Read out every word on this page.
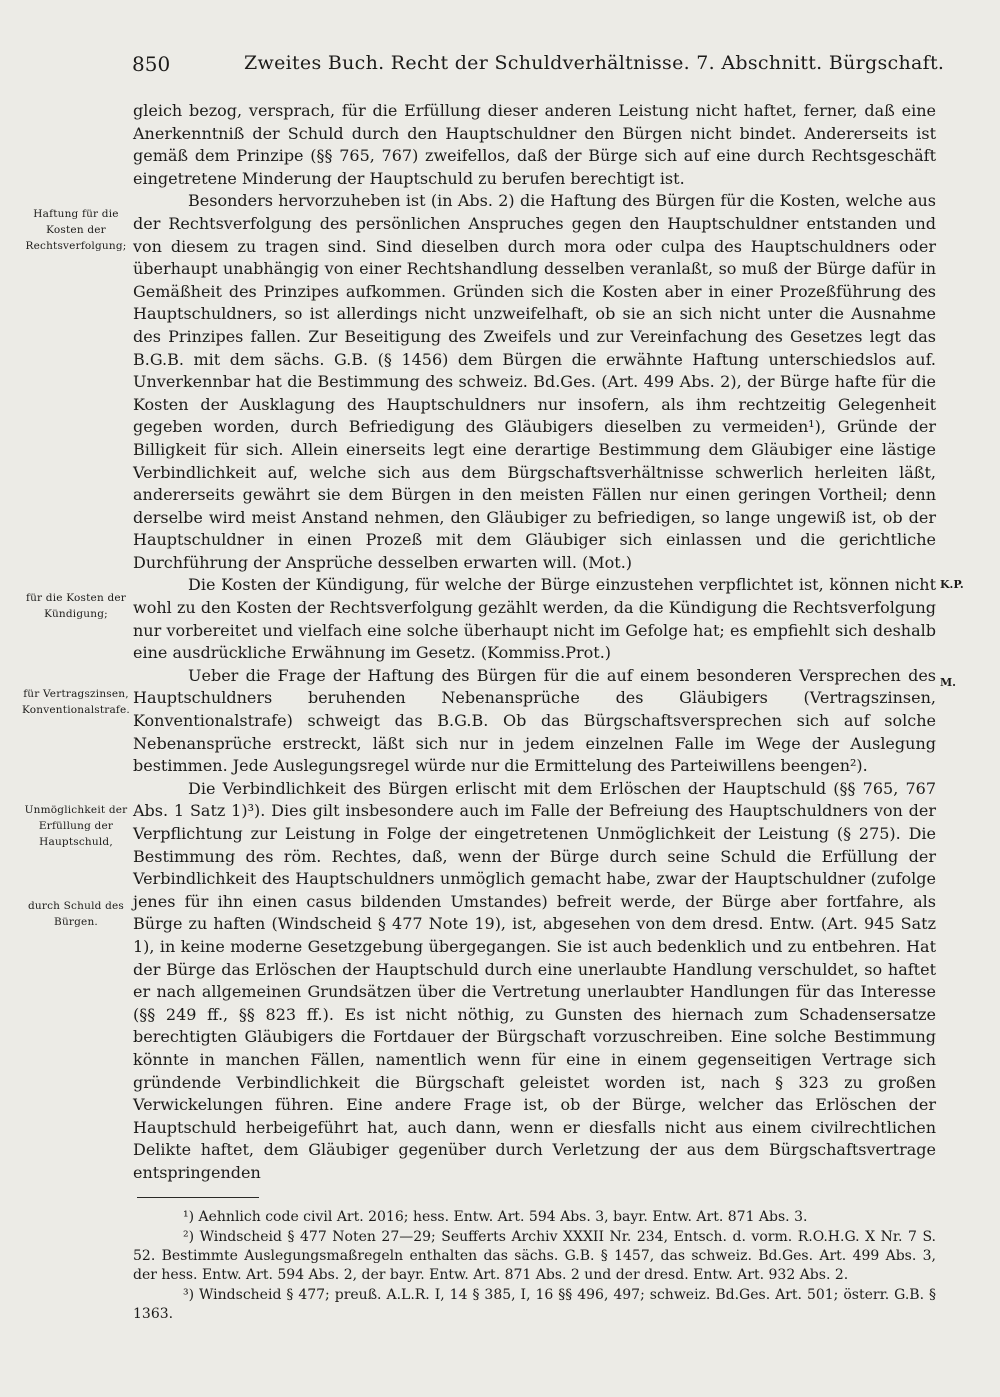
850	Zweites Buch. Recht der Schuldverhältnisse. 7. Abschnitt. Bürgschaft.

gleich bezog, versprach, für die Erfüllung dieser anderen Leistung nicht haftet, ferner, daß eine Anerkenntniß der Schuld durch den Hauptschuldner den Bürgen nicht bindet. Andererseits ist gemäß dem Prinzipe (§§ 765, 767) zweifellos, daß der Bürge sich auf eine durch Rechtsgeschäft eingetretene Minderung der Hauptschuld zu berufen berechtigt ist.

Besonders hervorzuheben ist (in Abs. 2) die Haftung des Bürgen für die Kosten, welche aus der Rechtsverfolgung des persönlichen Anspruches gegen den Hauptschuldner entstanden und von diesem zu tragen sind. Sind dieselben durch mora oder culpa des Hauptschuldners oder überhaupt unabhängig von einer Rechtshandlung desselben veranlaßt, so muß der Bürge dafür in Gemäßheit des Prinzipes aufkommen. Gründen sich die Kosten aber in einer Prozeßführung des Hauptschuldners, so ist allerdings nicht unzweifelhaft, ob sie an sich nicht unter die Ausnahme des Prinzipes fallen. Zur Beseitigung des Zweifels und zur Vereinfachung des Gesetzes legt das B.G.B. mit dem sächs. G.B. (§ 1456) dem Bürgen die erwähnte Haftung unterschiedslos auf. Unverkennbar hat die Bestimmung des schweiz. Bd.Ges. (Art. 499 Abs. 2), der Bürge hafte für die Kosten der Ausklagung des Hauptschuldners nur insofern, als ihm rechtzeitig Gelegenheit gegeben worden, durch Befriedigung des Gläubigers dieselben zu vermeiden¹), Gründe der Billigkeit für sich. Allein einerseits legt eine derartige Bestimmung dem Gläubiger eine lästige Verbindlichkeit auf, welche sich aus dem Bürgschaftsverhältnisse schwerlich herleiten läßt, andererseits gewährt sie dem Bürgen in den meisten Fällen nur einen geringen Vortheil; denn derselbe wird meist Anstand nehmen, den Gläubiger zu befriedigen, so lange ungewiß ist, ob der Hauptschuldner in einen Prozeß mit dem Gläubiger sich einlassen und die gerichtliche Durchführung der Ansprüche desselben erwarten will. (Mot.)

Die Kosten der Kündigung, für welche der Bürge einzustehen verpflichtet ist, können nicht wohl zu den Kosten der Rechtsverfolgung gezählt werden, da die Kündigung die Rechtsverfolgung nur vorbereitet und vielfach eine solche überhaupt nicht im Gefolge hat; es empfiehlt sich deshalb eine ausdrückliche Erwähnung im Gesetz. (Kommiss.Prot.)

Ueber die Frage der Haftung des Bürgen für die auf einem besonderen Versprechen des Hauptschuldners beruhenden Nebenansprüche des Gläubigers (Vertragszinsen, Konventionalstrafe) schweigt das B.G.B. Ob das Bürgschaftsversprechen sich auf solche Nebenansprüche erstreckt, läßt sich nur in jedem einzelnen Falle im Wege der Auslegung bestimmen. Jede Auslegungsregel würde nur die Ermittelung des Parteiwillens beengen²).

Die Verbindlichkeit des Bürgen erlischt mit dem Erlöschen der Hauptschuld (§§ 765, 767 Abs. 1 Satz 1)³). Dies gilt insbesondere auch im Falle der Befreiung des Hauptschuldners von der Verpflichtung zur Leistung in Folge der eingetretenen Unmöglichkeit der Leistung (§ 275). Die Bestimmung des röm. Rechtes, daß, wenn der Bürge durch seine Schuld die Erfüllung der Verbindlichkeit des Hauptschuldners unmöglich gemacht habe, zwar der Hauptschuldner (zufolge jenes für ihn einen casus bildenden Umstandes) befreit werde, der Bürge aber fortfahre, als Bürge zu haften (Windscheid § 477 Note 19), ist, abgesehen von dem dresd. Entw. (Art. 945 Satz 1), in keine moderne Gesetzgebung übergegangen. Sie ist auch bedenklich und zu entbehren. Hat der Bürge das Erlöschen der Hauptschuld durch eine unerlaubte Handlung verschuldet, so haftet er nach allgemeinen Grundsätzen über die Vertretung unerlaubter Handlungen für das Interesse (§§ 249 ff., §§ 823 ff.). Es ist nicht nöthig, zu Gunsten des hiernach zum Schadensersatze berechtigten Gläubigers die Fortdauer der Bürgschaft vorzuschreiben. Eine solche Bestimmung könnte in manchen Fällen, namentlich wenn für eine in einem gegenseitigen Vertrage sich gründende Verbindlichkeit die Bürgschaft geleistet worden ist, nach § 323 zu großen Verwickelungen führen. Eine andere Frage ist, ob der Bürge, welcher das Erlöschen der Hauptschuld herbeigeführt hat, auch dann, wenn er diesfalls nicht aus einem civilrechtlichen Delikte haftet, dem Gläubiger gegenüber durch Verletzung der aus dem Bürgschaftsvertrage entspringenden

Haftung für die Kosten der Rechtsverfolgung;
für die Kosten der Kündigung;
für Vertragszinsen, Konventionalstrafe.
Unmöglichkeit der Erfüllung der Hauptschuld,
durch Schuld des Bürgen.
K.P.
M.

¹) Aehnlich code civil Art. 2016; hess. Entw. Art. 594 Abs. 3, bayr. Entw. Art. 871 Abs. 3.

²) Windscheid § 477 Noten 27—29; Seufferts Archiv XXXII Nr. 234, Entsch. d. vorm. R.O.H.G. X Nr. 7 S. 52. Bestimmte Auslegungsmaßregeln enthalten das sächs. G.B. § 1457, das schweiz. Bd.Ges. Art. 499 Abs. 3, der hess. Entw. Art. 594 Abs. 2, der bayr. Entw. Art. 871 Abs. 2 und der dresd. Entw. Art. 932 Abs. 2.

³) Windscheid § 477; preuß. A.L.R. I, 14 § 385, I, 16 §§ 496, 497; schweiz. Bd.Ges. Art. 501; österr. G.B. § 1363.
